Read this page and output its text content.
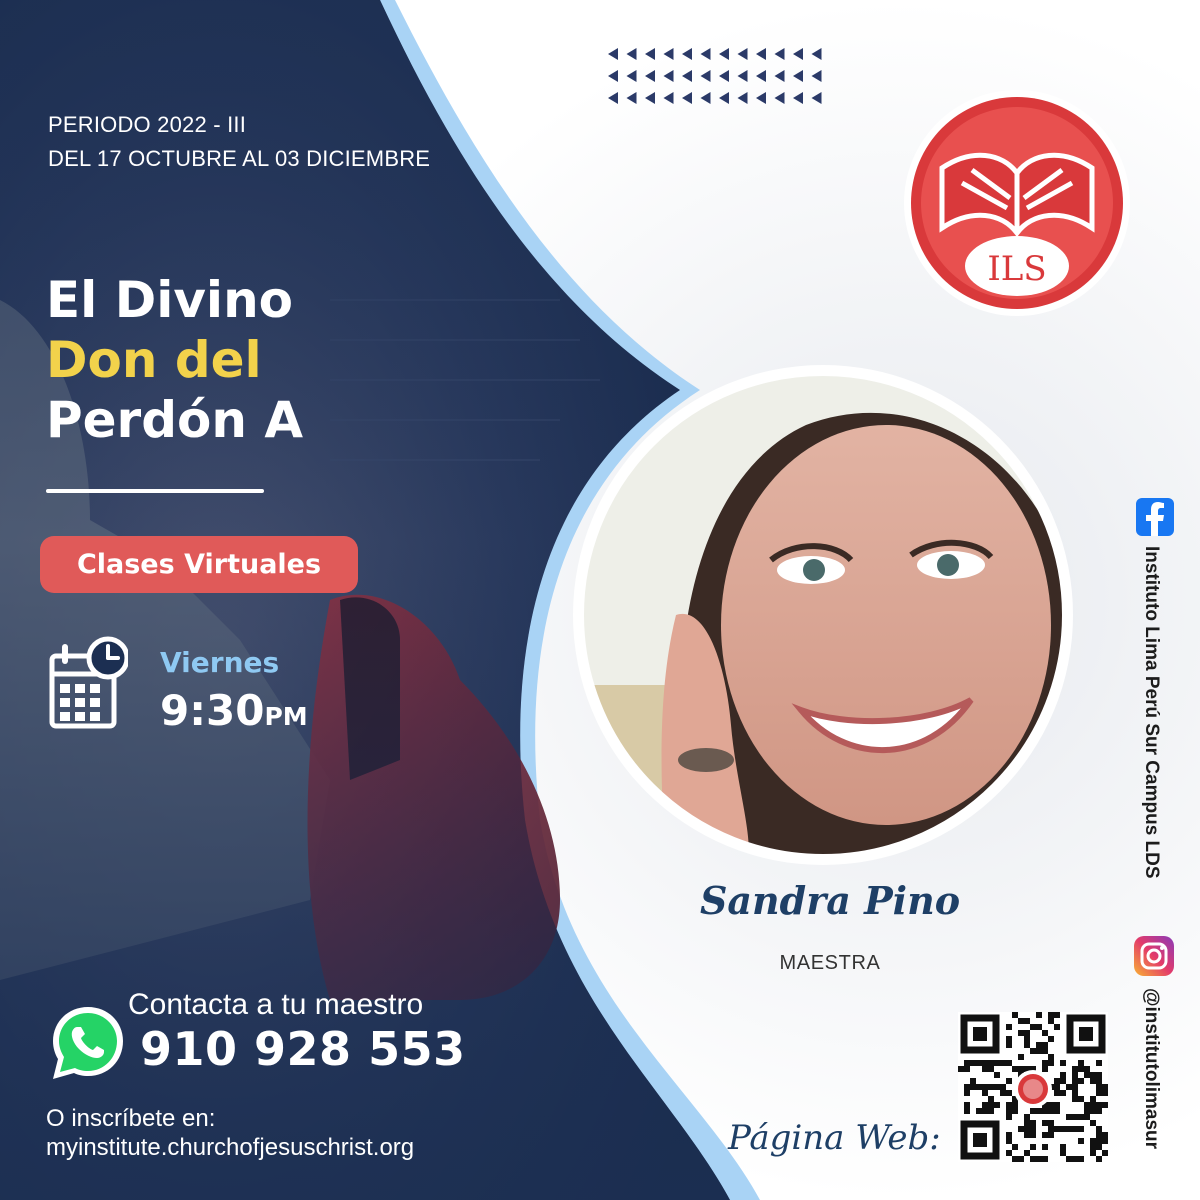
PERIODO 2022 - III
DEL 17 OCTUBRE AL 03 DICIEMBRE
El Divino
Don del
Perdón A
Clases Virtuales
Viernes
9:30PM
Contacta a tu maestro
910 928 553
O inscríbete en:
myinstitute.churchofjesuschrist.org
ILS
Sandra Pino
MAESTRA
Página Web:
Instituto Lima Perú Sur Campus LDS
@institutolimasur
